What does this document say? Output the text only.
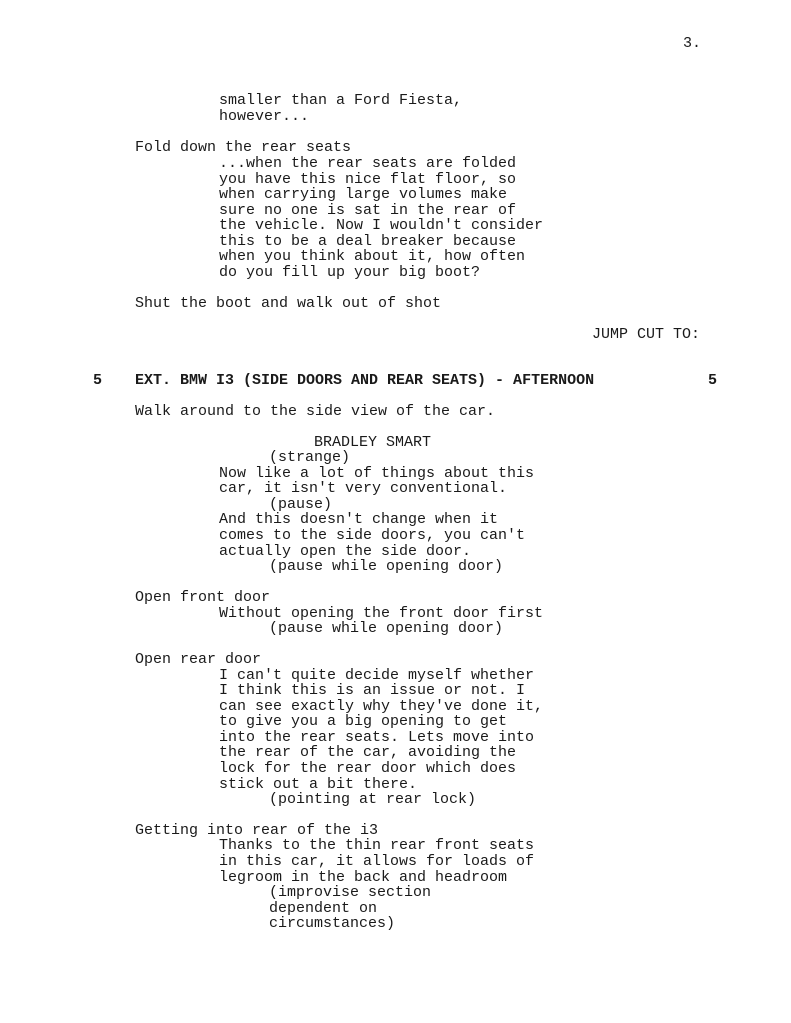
3.
smaller than a Ford Fiesta,
however...
Fold down the rear seats
...when the rear seats are folded
you have this nice flat floor, so
when carrying large volumes make
sure no one is sat in the rear of
the vehicle. Now I wouldn't consider
this to be a deal breaker because
when you think about it, how often
do you fill up your big boot?
Shut the boot and walk out of shot
JUMP CUT TO:
5 EXT. BMW I3 (SIDE DOORS AND REAR SEATS) - AFTERNOON	5
Walk around to the side view of the car.
BRADLEY SMART
(strange)
Now like a lot of things about this
car, it isn't very conventional.
(pause)
And this doesn't change when it
comes to the side doors, you can't
actually open the side door.
(pause while opening door)
Open front door
Without opening the front door first
(pause while opening door)
Open rear door
I can't quite decide myself whether
I think this is an issue or not. I
can see exactly why they've done it,
to give you a big opening to get
into the rear seats. Lets move into
the rear of the car, avoiding the
lock for the rear door which does
stick out a bit there.
(pointing at rear lock)
Getting into rear of the i3
Thanks to the thin rear front seats
in this car, it allows for loads of
legroom in the back and headroom
(improvise section
dependent on
circumstances)
